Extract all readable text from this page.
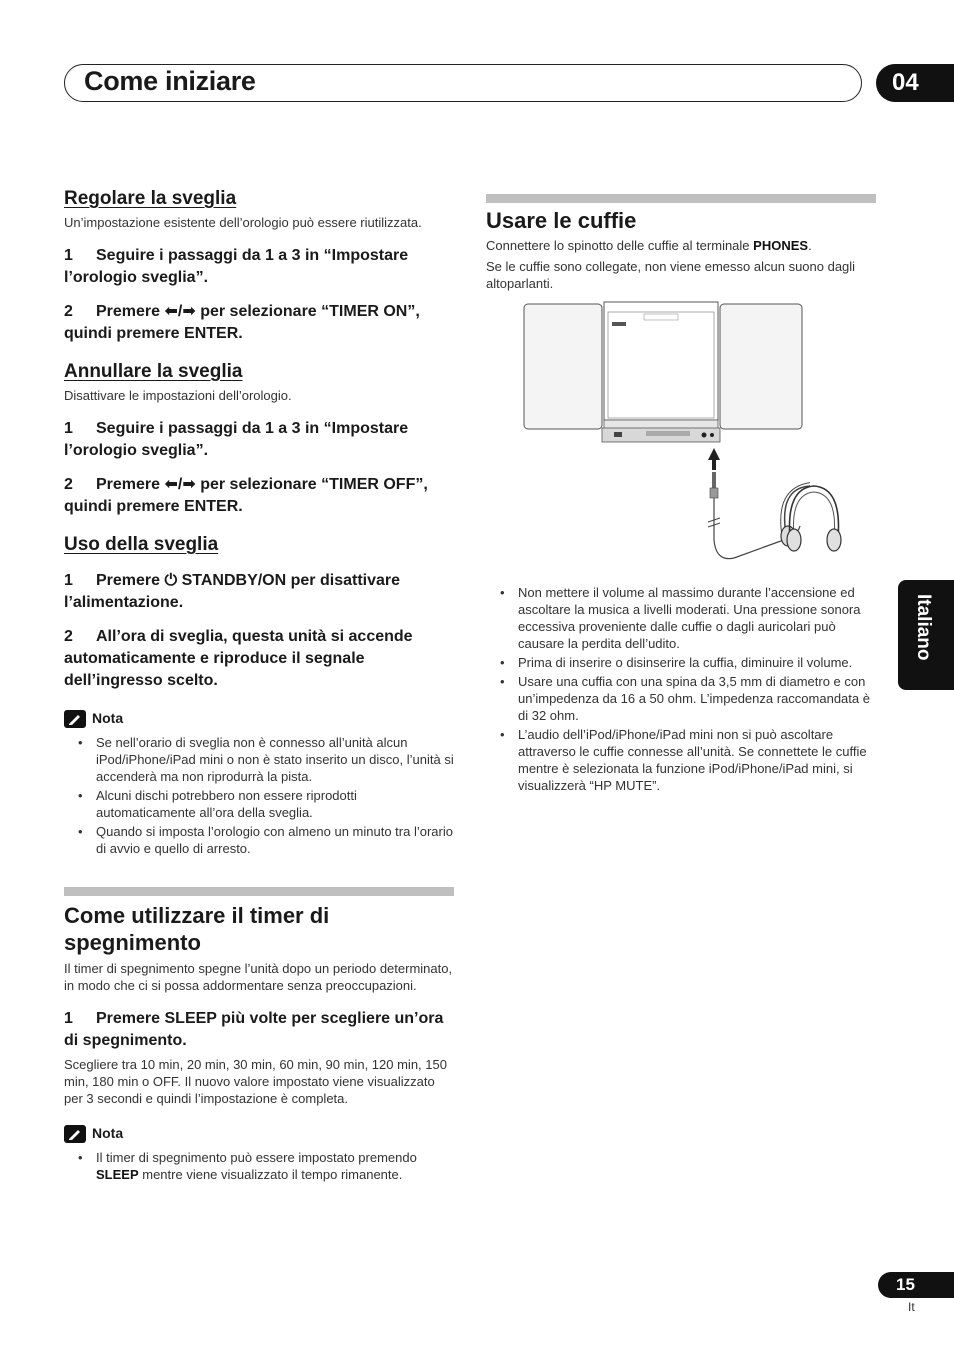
Come iniziare	04
Regolare la sveglia
Un’impostazione esistente dell’orologio può essere riutilizzata.
1 Seguire i passaggi da 1 a 3 in “Impostare l’orologio sveglia”.
2 Premere ⬅/➡ per selezionare “TIMER ON”, quindi premere ENTER.
Annullare la sveglia
Disattivare le impostazioni dell’orologio.
1 Seguire i passaggi da 1 a 3 in “Impostare l’orologio sveglia”.
2 Premere ⬅/➡ per selezionare “TIMER OFF”, quindi premere ENTER.
Uso della sveglia
1 Premere ⏻ STANDBY/ON per disattivare l’alimentazione.
2 All’ora di sveglia, questa unità si accende automaticamente e riproduce il segnale dell’ingresso scelto.
Nota
• Se nell’orario di sveglia non è connesso all’unità alcun iPod/iPhone/iPad mini o non è stato inserito un disco, l’unità si accenderà ma non riprodurrà la pista.
• Alcuni dischi potrebbero non essere riprodotti automaticamente all’ora della sveglia.
• Quando si imposta l’orologio con almeno un minuto tra l’orario di avvio e quello di arresto.
Come utilizzare il timer di spegnimento
Il timer di spegnimento spegne l’unità dopo un periodo determinato, in modo che ci si possa addormentare senza preoccupazioni.
1 Premere SLEEP più volte per scegliere un’ora di spegnimento.
Scegliere tra 10 min, 20 min, 30 min, 60 min, 90 min, 120 min, 150 min, 180 min o OFF. Il nuovo valore impostato viene visualizzato per 3 secondi e quindi l’impostazione è completa.
Nota
• Il timer di spegnimento può essere impostato premendo SLEEP mentre viene visualizzato il tempo rimanente.
Usare le cuffie
Connettere lo spinotto delle cuffie al terminale PHONES.
Se le cuffie sono collegate, non viene emesso alcun suono dagli altoparlanti.
• Non mettere il volume al massimo durante l’accensione ed ascoltare la musica a livelli moderati. Una pressione sonora eccessiva proveniente dalle cuffie o dagli auricolari può causare la perdita dell’udito.
• Prima di inserire o disinserire la cuffia, diminuire il volume.
• Usare una cuffia con una spina da 3,5 mm di diametro e con un’impedenza da 16 a 50 ohm. L’impedenza raccomandata è di 32 ohm.
• L’audio dell’iPod/iPhone/iPad mini non si può ascoltare attraverso le cuffie connesse all’unità. Se connettete le cuffie mentre è selezionata la funzione iPod/iPhone/iPad mini, si visualizzerà “HP MUTE”.
Italiano
15
It
